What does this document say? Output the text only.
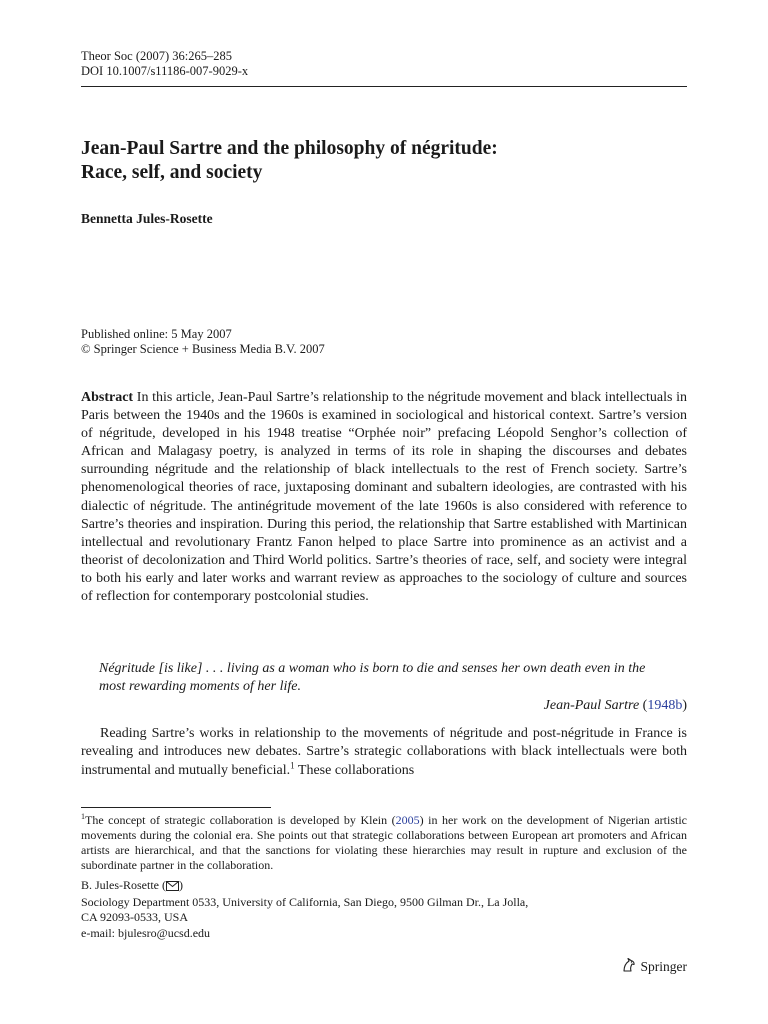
Theor Soc (2007) 36:265–285
DOI 10.1007/s11186-007-9029-x
Jean-Paul Sartre and the philosophy of négritude:
Race, self, and society
Bennetta Jules-Rosette
Published online: 5 May 2007
© Springer Science + Business Media B.V. 2007

Abstract In this article, Jean-Paul Sartre’s relationship to the négritude movement and black intellectuals in Paris between the 1940s and the 1960s is examined in sociological and historical context. Sartre’s version of négritude, developed in his 1948 treatise “Orphée noir” prefacing Léopold Senghor’s collection of African and Malagasy poetry, is analyzed in terms of its role in shaping the discourses and debates surrounding négritude and the relationship of black intellectuals to the rest of French society. Sartre’s phenomenological theories of race, juxtaposing dominant and subaltern ideologies, are contrasted with his dialectic of négritude. The antinégritude movement of the late 1960s is also considered with reference to Sartre’s theories and inspiration. During this period, the relationship that Sartre established with Martinican intellectual and revolutionary Frantz Fanon helped to place Sartre into prominence as an activist and a theorist of decolonization and Third World politics. Sartre’s theories of race, self, and society were integral to both his early and later works and warrant review as approaches to the sociology of culture and sources of reflection for contemporary postcolonial studies.

Négritude [is like] . . . living as a woman who is born to die and senses her own death even in the most rewarding moments of her life.

Jean-Paul Sartre (1948b)

Reading Sartre’s works in relationship to the movements of négritude and post-négritude in France is revealing and introduces new debates. Sartre’s strategic collaborations with black intellectuals were both instrumental and mutually beneficial.$^1$ These collaborations

$^1$The concept of strategic collaboration is developed by Klein (2005) in her work on the development of Nigerian artistic movements during the colonial era. She points out that strategic collaborations between European art promoters and African artists are hierarchical, and that the sanctions for violating these hierarchies may result in rupture and exclusion of the subordinate partner in the collaboration.

B. Jules-Rosette ( )
Sociology Department 0533, University of California, San Diego, 9500 Gilman Dr., La Jolla,
CA 92093-0533, USA
e-mail: bjulesro@ucsd.edu
Springer
